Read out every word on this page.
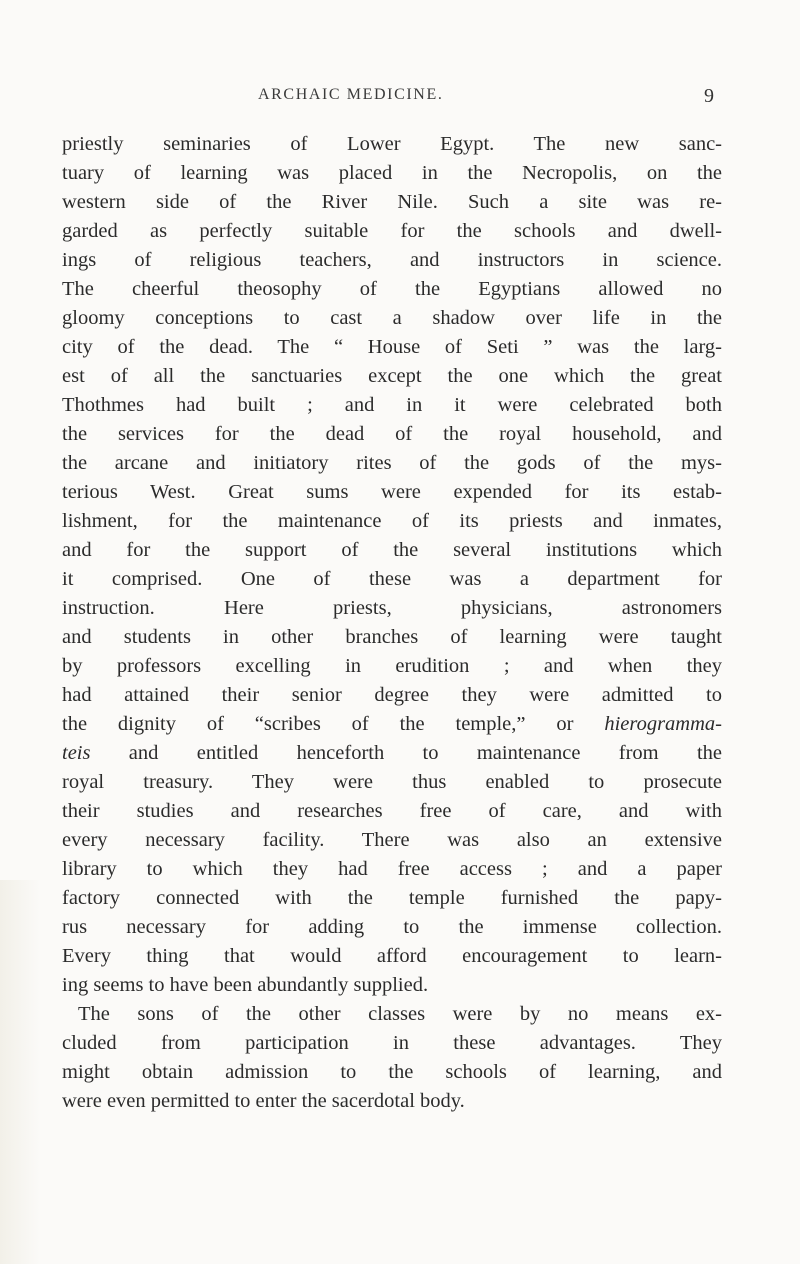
ARCHAIC MEDICINE.	9
priestly seminaries of Lower Egypt. The new sanc-
tuary of learning was placed in the Necropolis, on the
western side of the River Nile. Such a site was re-
garded as perfectly suitable for the schools and dwell-
ings of religious teachers, and instructors in science.
The cheerful theosophy of the Egyptians allowed no
gloomy conceptions to cast a shadow over life in the
city of the dead. The “ House of Seti ” was the larg-
est of all the sanctuaries except the one which the great
Thothmes had built ; and in it were celebrated both
the services for the dead of the royal household, and
the arcane and initiatory rites of the gods of the mys-
terious West. Great sums were expended for its estab-
lishment, for the maintenance of its priests and inmates,
and for the support of the several institutions which
it comprised. One of these was a department for
instruction. Here priests, physicians, astronomers
and students in other branches of learning were taught
by professors excelling in erudition ; and when they
had attained their senior degree they were admitted to
the dignity of “scribes of the temple,” or hierogramma-
teis and entitled henceforth to maintenance from the
royal treasury. They were thus enabled to prosecute
their studies and researches free of care, and with
every necessary facility. There was also an extensive
library to which they had free access ; and a paper
factory connected with the temple furnished the papy-
rus necessary for adding to the immense collection.
Every thing that would afford encouragement to learn-
ing seems to have been abundantly supplied.
The sons of the other classes were by no means ex-
cluded from participation in these advantages. They
might obtain admission to the schools of learning, and
were even permitted to enter the sacerdotal body.
